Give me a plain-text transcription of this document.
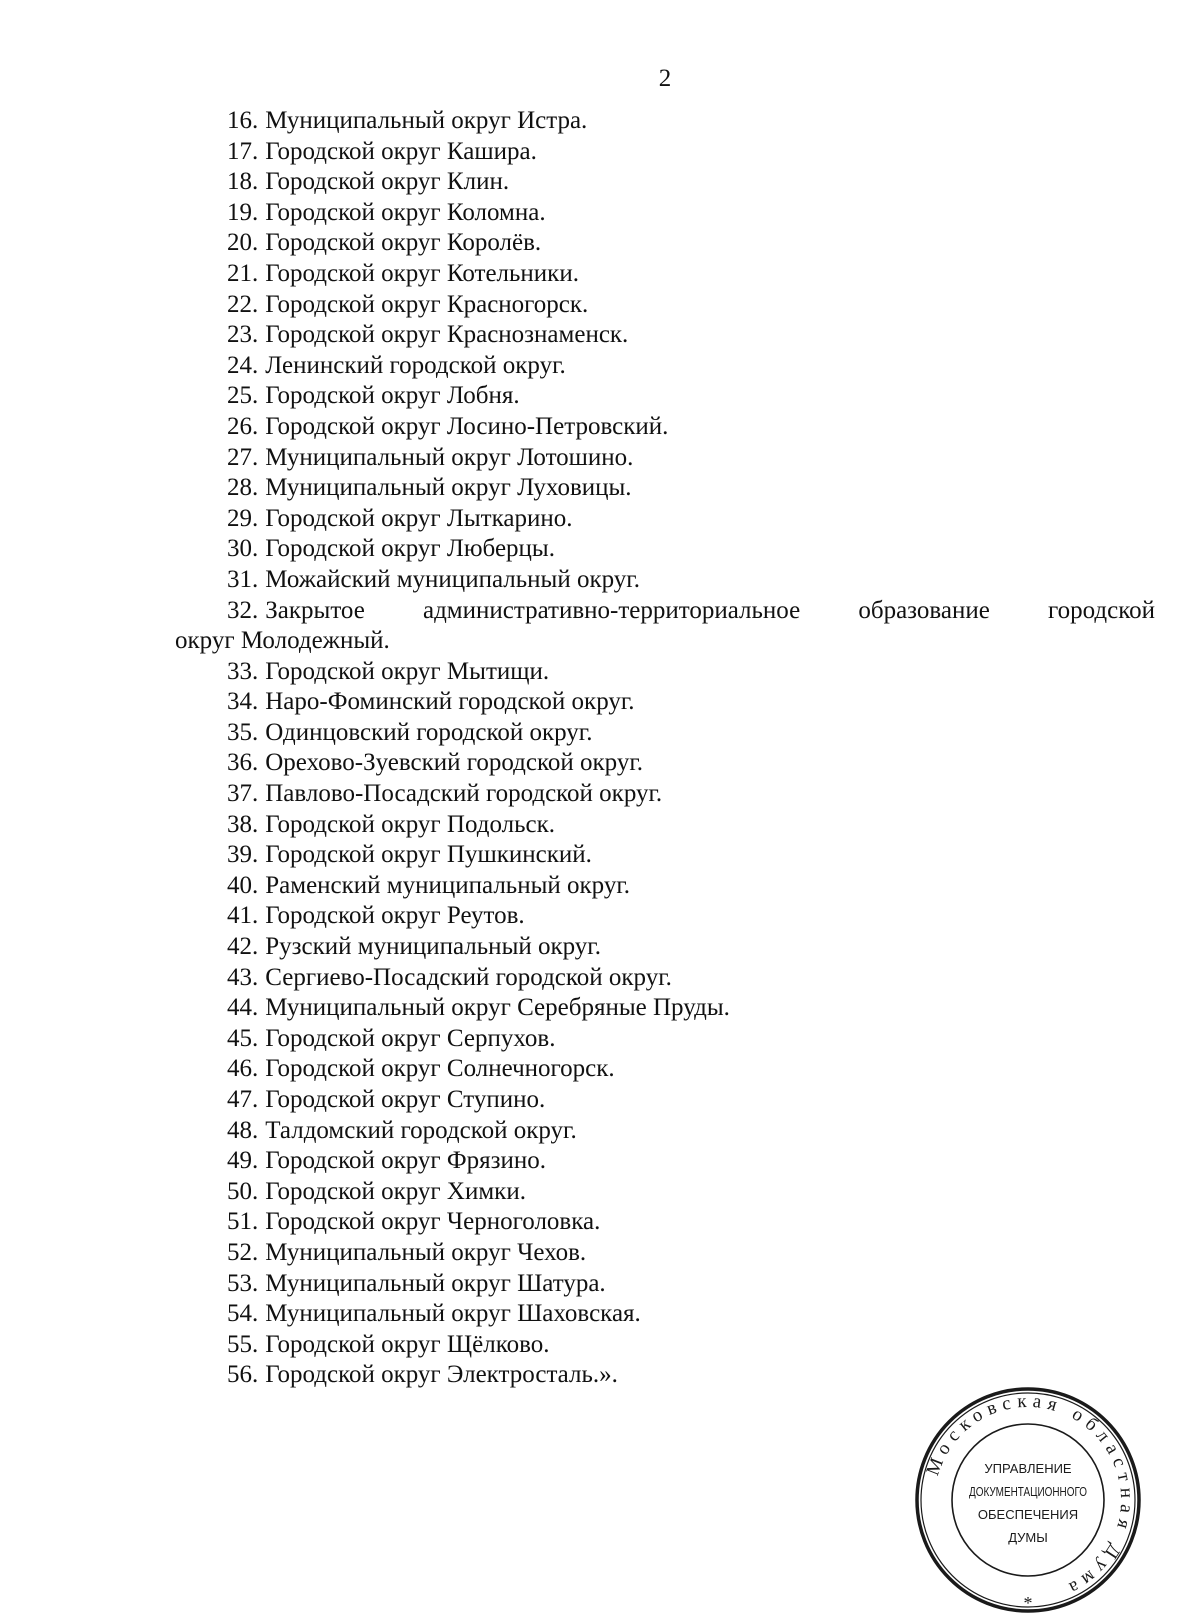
2
16. Муниципальный округ Истра.
17. Городской округ Кашира.
18. Городской округ Клин.
19. Городской округ Коломна.
20. Городской округ Королёв.
21. Городской округ Котельники.
22. Городской округ Красногорск.
23. Городской округ Краснознаменск.
24. Ленинский городской округ.
25. Городской округ Лобня.
26. Городской округ Лосино-Петровский.
27. Муниципальный округ Лотошино.
28. Муниципальный округ Луховицы.
29. Городской округ Лыткарино.
30. Городской округ Люберцы.
31. Можайский муниципальный округ.
32. Закрытое административно-территориальное образование городской
округ Молодежный.
33. Городской округ Мытищи.
34. Наро-Фоминский городской округ.
35. Одинцовский городской округ.
36. Орехово-Зуевский городской округ.
37. Павлово-Посадский городской округ.
38. Городской округ Подольск.
39. Городской округ Пушкинский.
40. Раменский муниципальный округ.
41. Городской округ Реутов.
42. Рузский муниципальный округ.
43. Сергиево-Посадский городской округ.
44. Муниципальный округ Серебряные Пруды.
45. Городской округ Серпухов.
46. Городской округ Солнечногорск.
47. Городской округ Ступино.
48. Талдомский городской округ.
49. Городской округ Фрязино.
50. Городской округ Химки.
51. Городской округ Черноголовка.
52. Муниципальный округ Чехов.
53. Муниципальный округ Шатура.
54. Муниципальный округ Шаховская.
55. Городской округ Щёлково.
56. Городской округ Электросталь.».
Московская областная Дума
УПРАВЛЕНИЕ
ДОКУМЕНТАЦИОННОГО
ОБЕСПЕЧЕНИЯ
ДУМЫ
*
